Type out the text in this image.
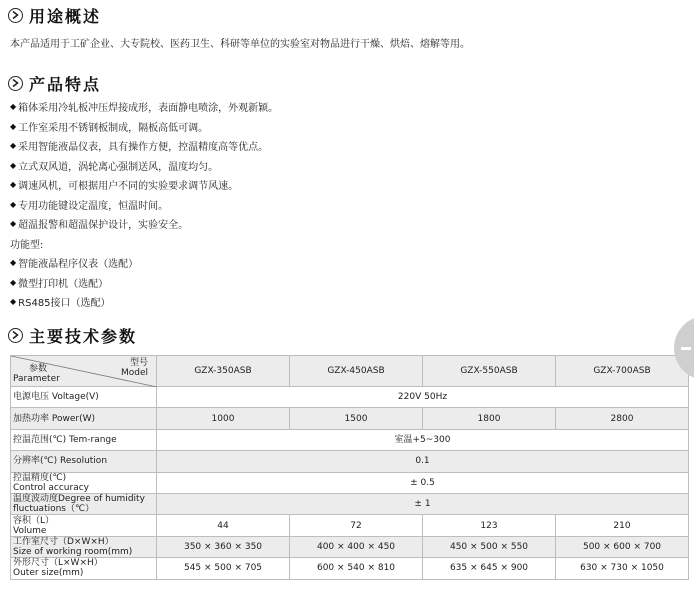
用途概述
本产品适用于工矿企业、大专院校、医药卫生、科研等单位的实验室对物品进行干燥、烘焙、熔解等用。
产品特点
◆ 箱体采用冷轧板冲压焊接成形，表面静电喷涂，外观新颖。
◆ 工作室采用不锈钢板制成，隔板高低可调。
◆ 采用智能液晶仪表，具有操作方便，控温精度高等优点。
◆ 立式双风道，涡轮离心强制送风，温度均匀。
◆ 调速风机，可根据用户不同的实验要求调节风速。
◆ 专用功能键设定温度，恒温时间。
◆ 超温报警和超温保护设计，实验安全。
功能型:
◆ 智能液晶程序仪表（选配）
◆ 微型打印机（选配）
◆ RS485接口（选配）
主要技术参数
型号
Model
参数
Parameter	GZX-350ASB	GZX-450ASB	GZX-550ASB	GZX-700ASB
电源电压 Voltage(V)	220V 50Hz			
加热功率 Power(W)	1000	1500	1800	2800
控温范围(℃) Tem-range	室温+5~300			
分辨率(℃) Resolution	0.1			

控温精度(℃)
Control accuracy	± 0.5			

温度波动度Degree of humidity
fluctuations（℃）	± 1			

容积（L）
Volume	44	72	123	210

工作室尺寸（D×W×H）
Size of working room(mm)	350 × 360 × 350	400 × 400 × 450	450 × 500 × 550	500 × 600 × 700

外形尺寸（L×W×H）
Outer size(mm)	545 × 500 × 705	600 × 540 × 810	635 × 645 × 900	630 × 730 × 1050
